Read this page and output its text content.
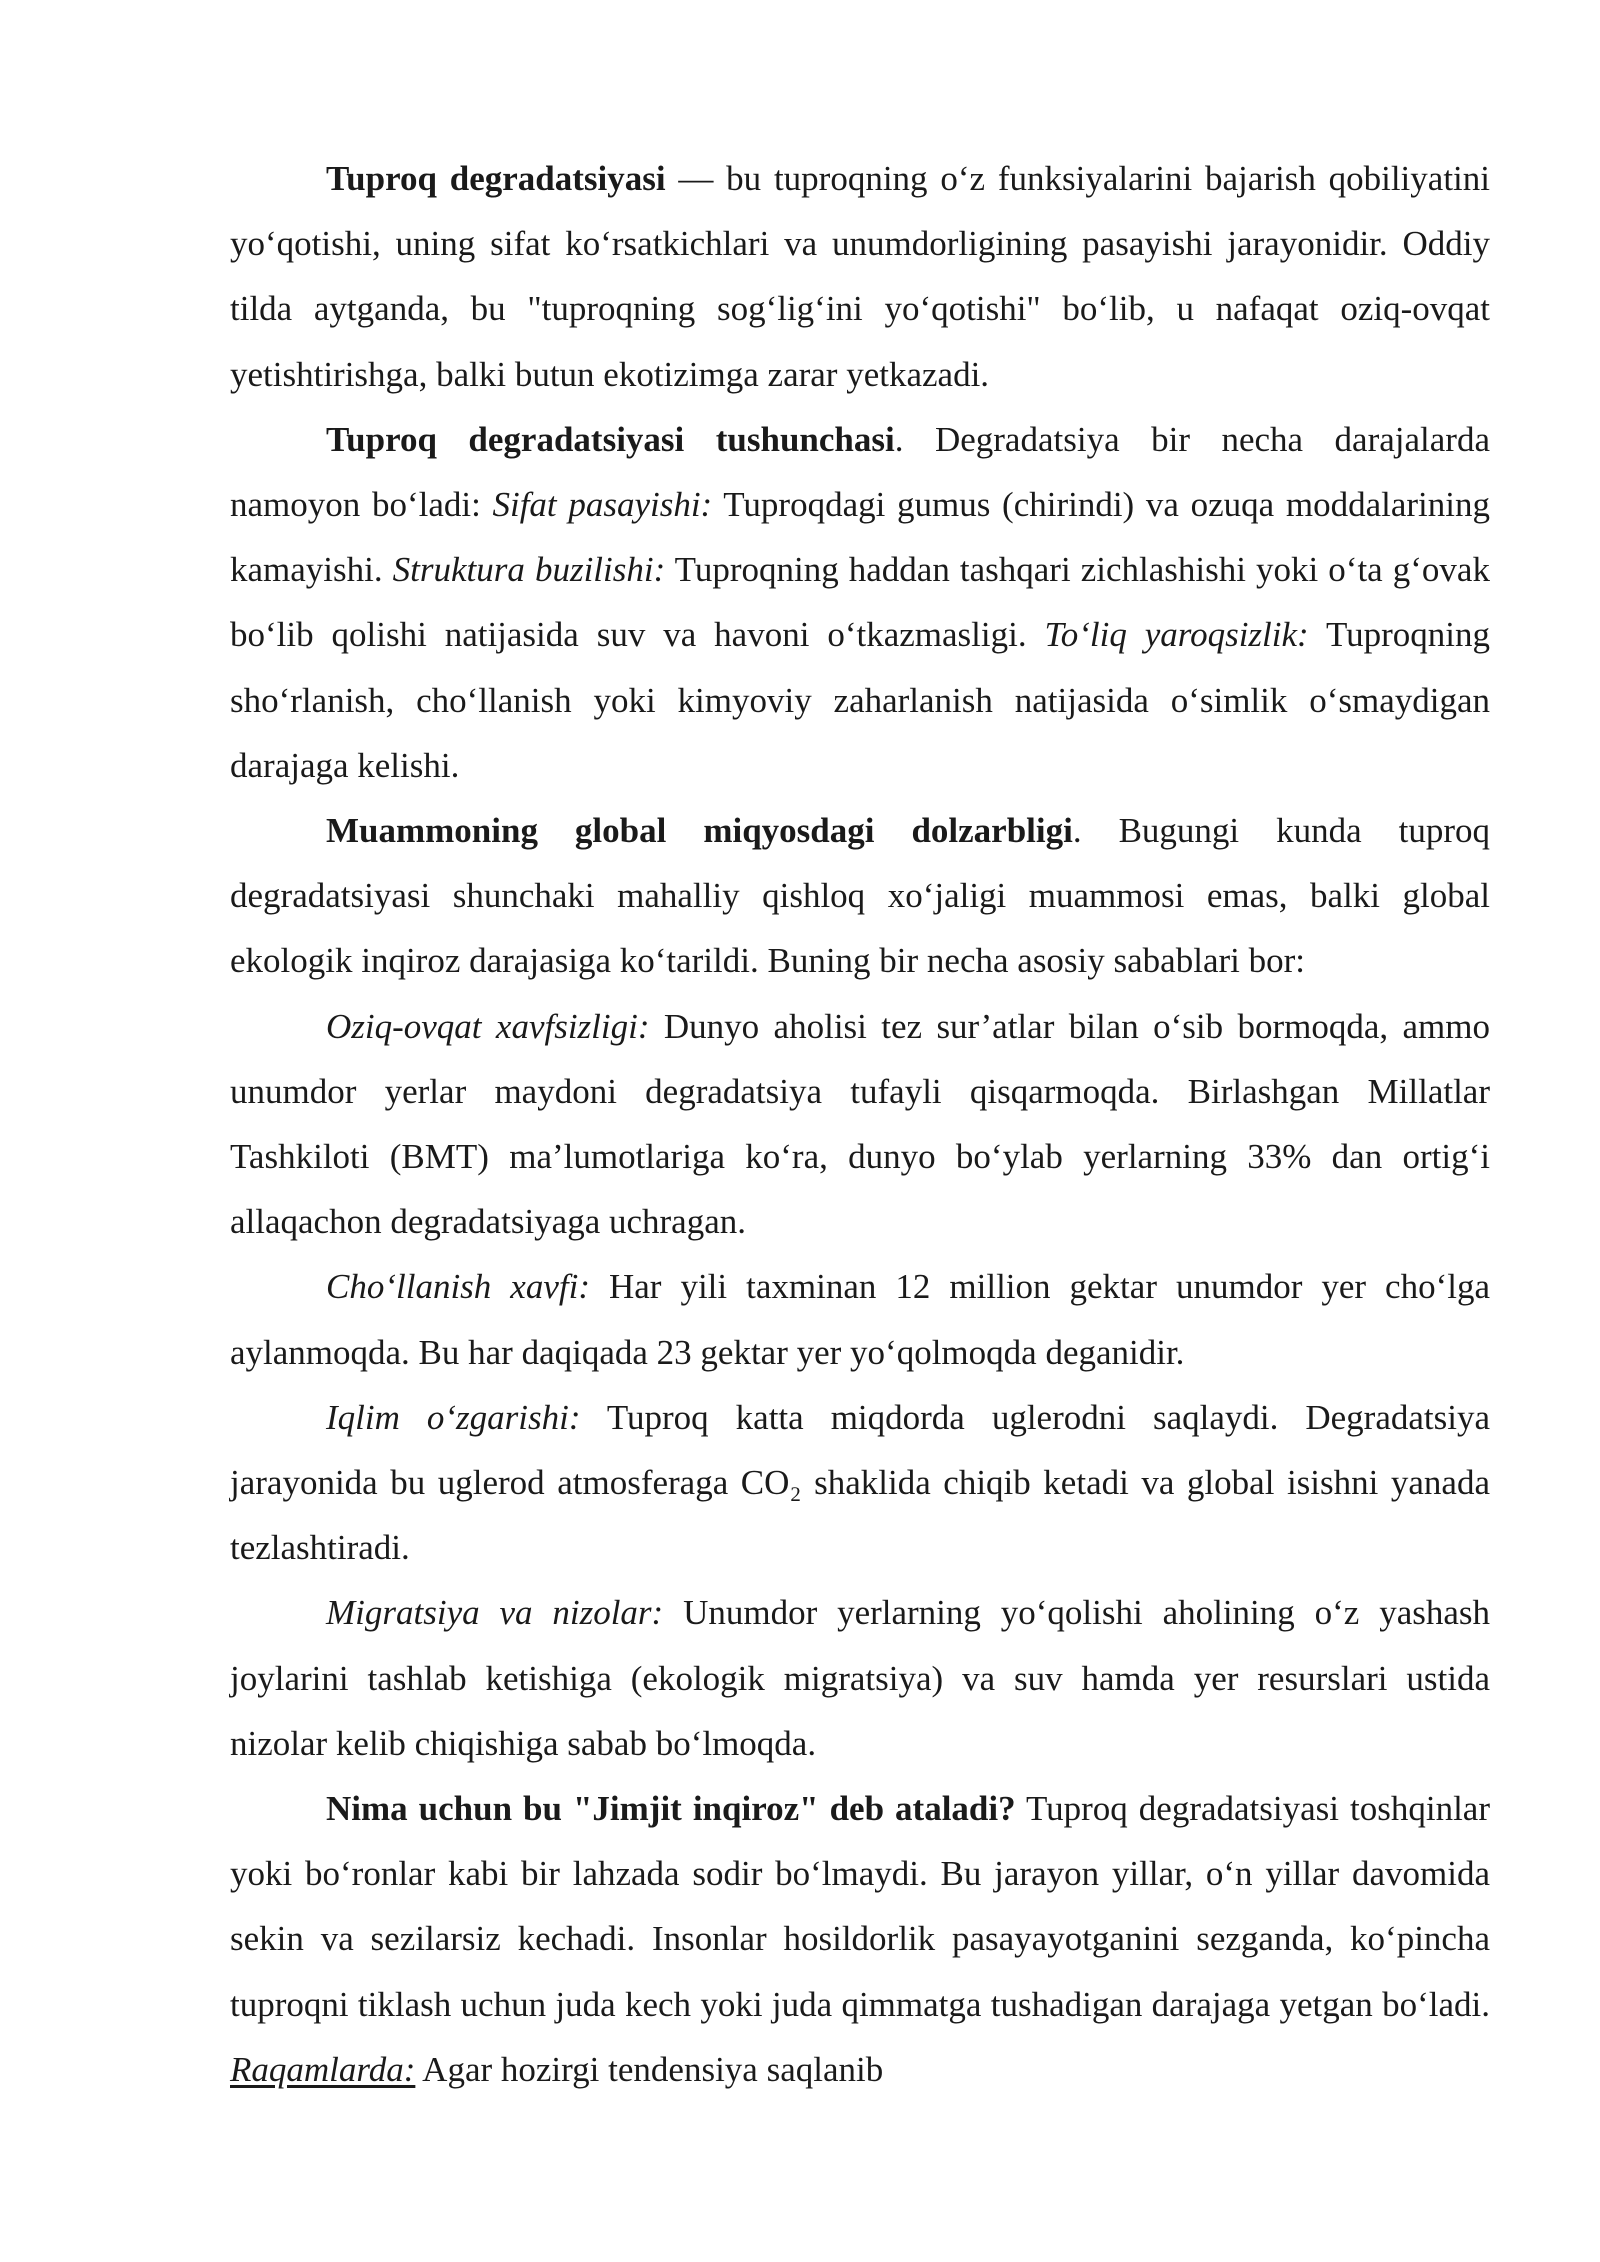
Tuproq degradatsiyasi — bu tuproqning o‘z funksiyalarini bajarish qobiliyatini yo‘qotishi, uning sifat ko‘rsatkichlari va unumdorligining pasayishi jarayonidir. Oddiy tilda aytganda, bu "tuproqning sog‘lig‘ini yo‘qotishi" bo‘lib, u nafaqat oziq-ovqat yetishtirishga, balki butun ekotizimga zarar yetkazadi.

Tuproq degradatsiyasi tushunchasi. Degradatsiya bir necha darajalarda namoyon bo‘ladi: Sifat pasayishi: Tuproqdagi gumus (chirindi) va ozuqa moddalarining kamayishi. Struktura buzilishi: Tuproqning haddan tashqari zichlashishi yoki o‘ta g‘ovak bo‘lib qolishi natijasida suv va havoni o‘tkazmasligi. To‘liq yaroqsizlik: Tuproqning sho‘rlanish, cho‘llanish yoki kimyoviy zaharlanish natijasida o‘simlik o‘smaydigan darajaga kelishi.

Muammoning global miqyosdagi dolzarbligi. Bugungi kunda tuproq degradatsiyasi shunchaki mahalliy qishloq xo‘jaligi muammosi emas, balki global ekologik inqiroz darajasiga ko‘tarildi. Buning bir necha asosiy sabablari bor:

Oziq-ovqat xavfsizligi: Dunyo aholisi tez sur’atlar bilan o‘sib bormoqda, ammo unumdor yerlar maydoni degradatsiya tufayli qisqarmoqda. Birlashgan Millatlar Tashkiloti (BMT) ma’lumotlariga ko‘ra, dunyo bo‘ylab yerlarning 33% dan ortig‘i allaqachon degradatsiyaga uchragan.

Cho‘llanish xavfi: Har yili taxminan 12 million gektar unumdor yer cho‘lga aylanmoqda. Bu har daqiqada 23 gektar yer yo‘qolmoqda deganidir.

Iqlim o‘zgarishi: Tuproq katta miqdorda uglerodni saqlaydi. Degradatsiya jarayonida bu uglerod atmosferaga CO₂ shaklida chiqib ketadi va global isishni yanada tezlashtiradi.

Migratsiya va nizolar: Unumdor yerlarning yo‘qolishi aholining o‘z yashash joylarini tashlab ketishiga (ekologik migratsiya) va suv hamda yer resurslari ustida nizolar kelib chiqishiga sabab bo‘lmoqda.

Nima uchun bu "Jimjit inqiroz" deb ataladi? Tuproq degradatsiyasi toshqinlar yoki bo‘ronlar kabi bir lahzada sodir bo‘lmaydi. Bu jarayon yillar, o‘n yillar davomida sekin va sezilarsiz kechadi. Insonlar hosildorlik pasayayotganini sezganda, ko‘pincha tuproqni tiklash uchun juda kech yoki juda qimmatga tushadigan darajaga yetgan bo‘ladi. Raqamlarda: Agar hozirgi tendensiya saqlanib
